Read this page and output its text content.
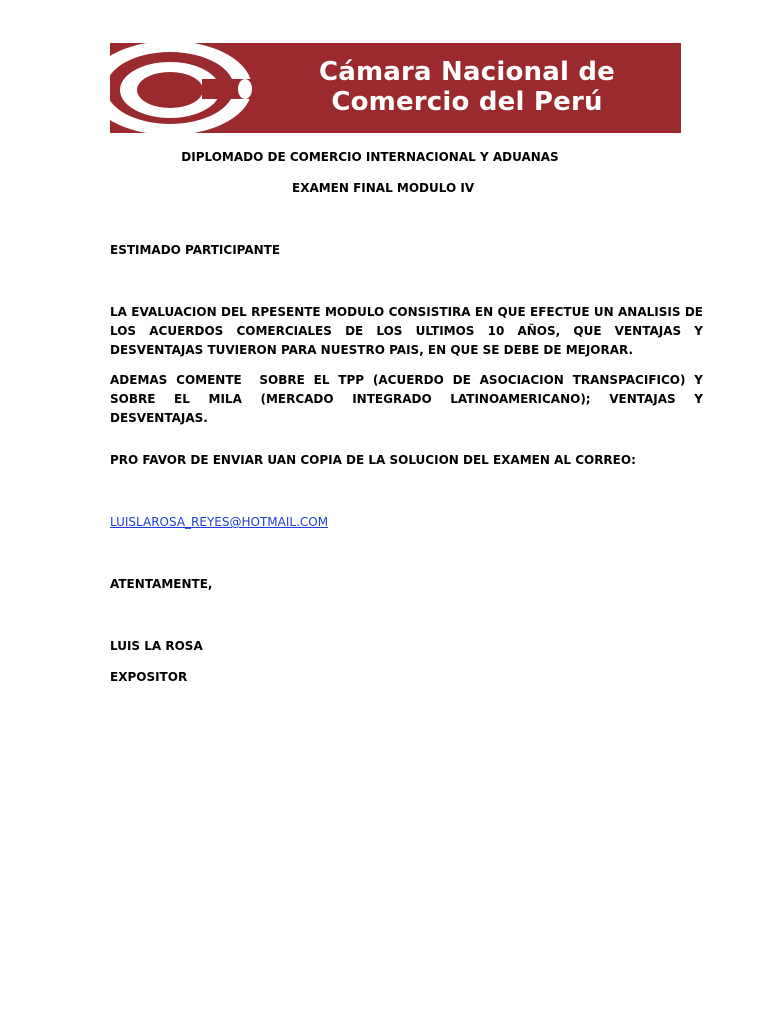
Cámara Nacional de
Comercio del Perú
DIPLOMADO DE COMERCIO INTERNACIONAL Y ADUANAS
EXAMEN FINAL MODULO IV
ESTIMADO PARTICIPANTE
LA EVALUACION DEL RPESENTE MODULO CONSISTIRA EN QUE EFECTUE UN ANALISIS DE LOS ACUERDOS COMERCIALES DE LOS ULTIMOS 10 AÑOS, QUE VENTAJAS Y DESVENTAJAS TUVIERON PARA NUESTRO PAIS, EN QUE SE DEBE DE MEJORAR.
ADEMAS COMENTE  SOBRE EL TPP (ACUERDO DE ASOCIACION TRANSPACIFICO) Y SOBRE EL MILA (MERCADO INTEGRADO LATINOAMERICANO); VENTAJAS Y DESVENTAJAS.
PRO FAVOR DE ENVIAR UAN COPIA DE LA SOLUCION DEL EXAMEN AL CORREO:
LUISLAROSA_REYES@HOTMAIL.COM
ATENTAMENTE,
LUIS LA ROSA
EXPOSITOR
